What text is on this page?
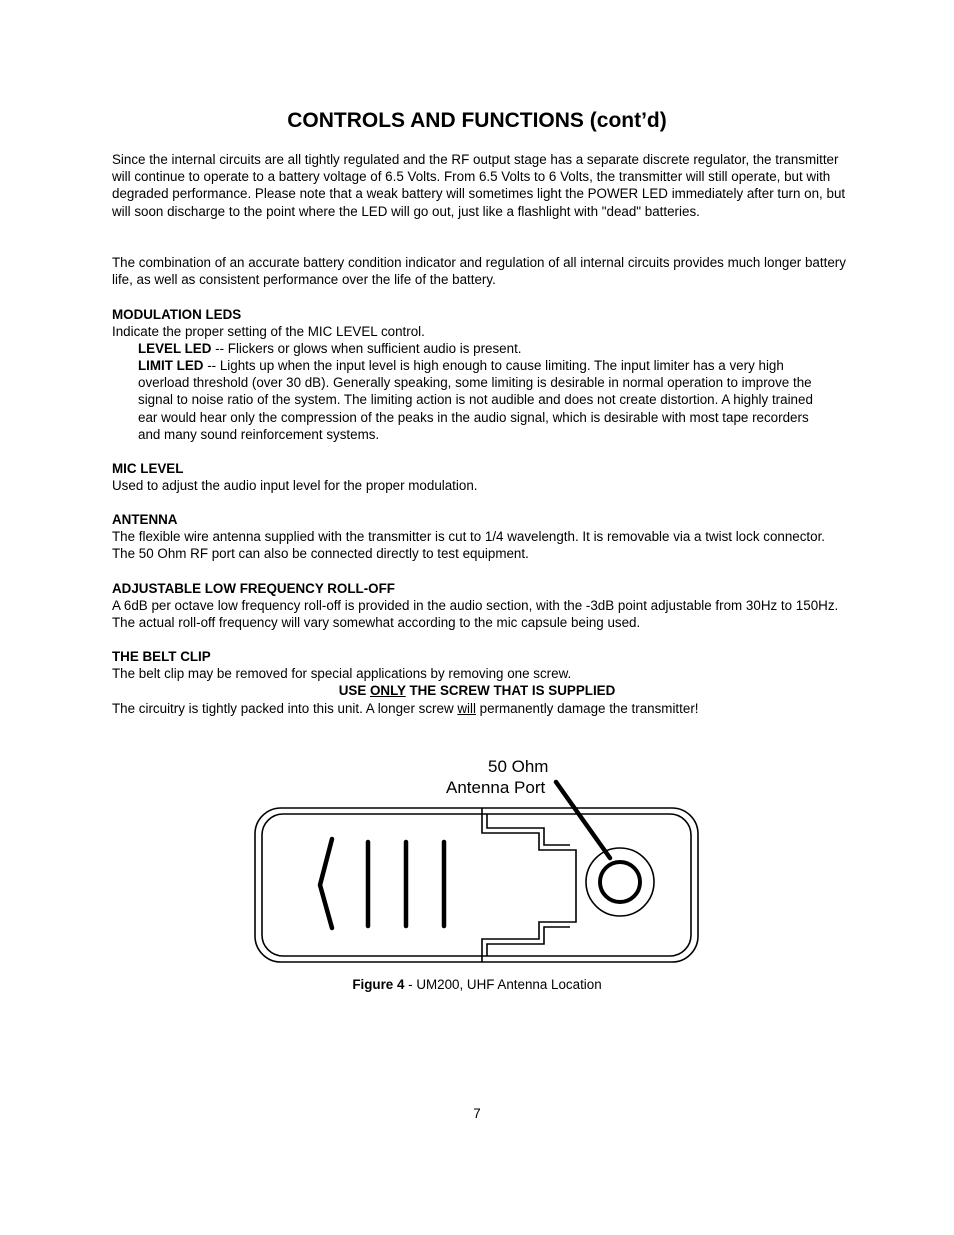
CONTROLS AND FUNCTIONS (cont’d)

Since the internal circuits are all tightly regulated and the RF output stage has a separate discrete regulator, the transmitter will continue to operate to a battery voltage of 6.5 Volts. From 6.5 Volts to 6 Volts, the transmitter will still operate, but with degraded performance. Please note that a weak battery will sometimes light the POWER LED immediately after turn on, but will soon discharge to the point where the LED will go out, just like a flashlight with "dead" batteries.

The combination of an accurate battery condition indicator and regulation of all internal circuits provides much longer battery life, as well as consistent performance over the life of the battery.

MODULATION LEDS

Indicate the proper setting of the MIC LEVEL control.

LEVEL LED -- Flickers or glows when sufficient audio is present.

LIMIT LED -- Lights up when the input level is high enough to cause limiting. The input limiter has a very high overload threshold (over 30 dB). Generally speaking, some limiting is desirable in normal operation to improve the signal to noise ratio of the system. The limiting action is not audible and does not create distortion. A highly trained ear would hear only the compression of the peaks in the audio signal, which is desirable with most tape recorders and many sound reinforcement systems.

MIC LEVEL

Used to adjust the audio input level for the proper modulation.

ANTENNA

The flexible wire antenna supplied with the transmitter is cut to 1/4 wavelength. It is removable via a twist lock connector. The 50 Ohm RF port can also be connected directly to test equipment.

ADJUSTABLE LOW FREQUENCY ROLL-OFF

A 6dB per octave low frequency roll-off is provided in the audio section, with the -3dB point adjustable from 30Hz to 150Hz. The actual roll-off frequency will vary somewhat according to the mic capsule being used.

THE BELT CLIP

The belt clip may be removed for special applications by removing one screw.

USE ONLY THE SCREW THAT IS SUPPLIED

The circuitry is tightly packed into this unit. A longer screw will permanently damage the transmitter!

50 Ohm
Antenna Port
Figure 4 - UM200, UHF Antenna Location
7
